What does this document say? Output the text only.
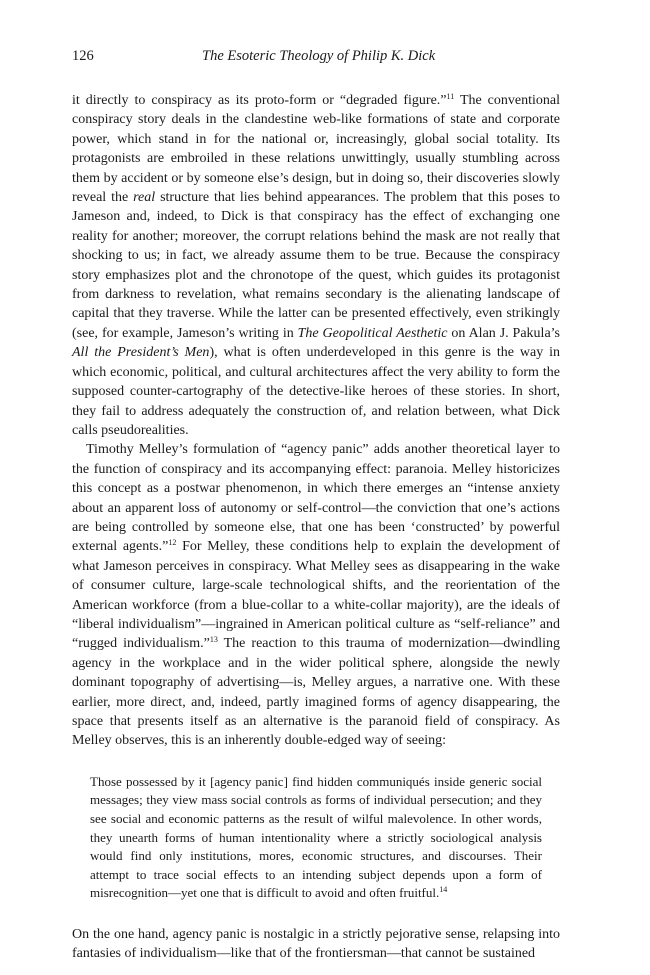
126	The Esoteric Theology of Philip K. Dick

it directly to conspiracy as its proto-form or “degraded figure.”$^{11}$ The conventional conspiracy story deals in the clandestine web-like formations of state and corporate power, which stand in for the national or, increasingly, global social totality. Its protagonists are embroiled in these relations unwittingly, usually stumbling across them by accident or by someone else’s design, but in doing so, their discoveries slowly reveal the real structure that lies behind appearances. The problem that this poses to Jameson and, indeed, to Dick is that conspiracy has the effect of exchanging one reality for another; moreover, the corrupt relations behind the mask are not really that shocking to us; in fact, we already assume them to be true. Because the conspiracy story emphasizes plot and the chronotope of the quest, which guides its protagonist from darkness to revelation, what remains secondary is the alienating landscape of capital that they traverse. While the latter can be presented effectively, even strikingly (see, for example, Jameson’s writing in The Geopolitical Aesthetic on Alan J. Pakula’s All the President’s Men), what is often underdeveloped in this genre is the way in which economic, political, and cultural architectures affect the very ability to form the supposed counter-cartography of the detective-like heroes of these stories. In short, they fail to address adequately the construction of, and relation between, what Dick calls pseudorealities.

Timothy Melley’s formulation of “agency panic” adds another theoretical layer to the function of conspiracy and its accompanying effect: paranoia. Melley historicizes this concept as a postwar phenomenon, in which there emerges an “intense anxiety about an apparent loss of autonomy or self-control—the conviction that one’s actions are being controlled by someone else, that one has been ‘constructed’ by powerful external agents.”$^{12}$ For Melley, these conditions help to explain the development of what Jameson perceives in conspiracy. What Melley sees as disappearing in the wake of consumer culture, large-scale technological shifts, and the reorientation of the American workforce (from a blue-collar to a white-collar majority), are the ideals of “liberal individualism”—ingrained in American political culture as “self-reliance” and “rugged individualism.”$^{13}$ The reaction to this trauma of modernization—dwindling agency in the workplace and in the wider political sphere, alongside the newly dominant topography of advertising—is, Melley argues, a narrative one. With these earlier, more direct, and, indeed, partly imagined forms of agency disappearing, the space that presents itself as an alternative is the paranoid field of conspiracy. As Melley observes, this is an inherently double-edged way of seeing:

Those possessed by it [agency panic] find hidden communiqués inside generic social messages; they view mass social controls as forms of individual persecution; and they see social and economic patterns as the result of wilful malevolence. In other words, they unearth forms of human intentionality where a strictly sociological analysis would find only institutions, mores, economic structures, and discourses. Their attempt to trace social effects to an intending subject depends upon a form of misrecognition—yet one that is difficult to avoid and often fruitful.$^{14}$

On the one hand, agency panic is nostalgic in a strictly pejorative sense, relapsing into fantasies of individualism—like that of the frontiersman—that cannot be sustained
